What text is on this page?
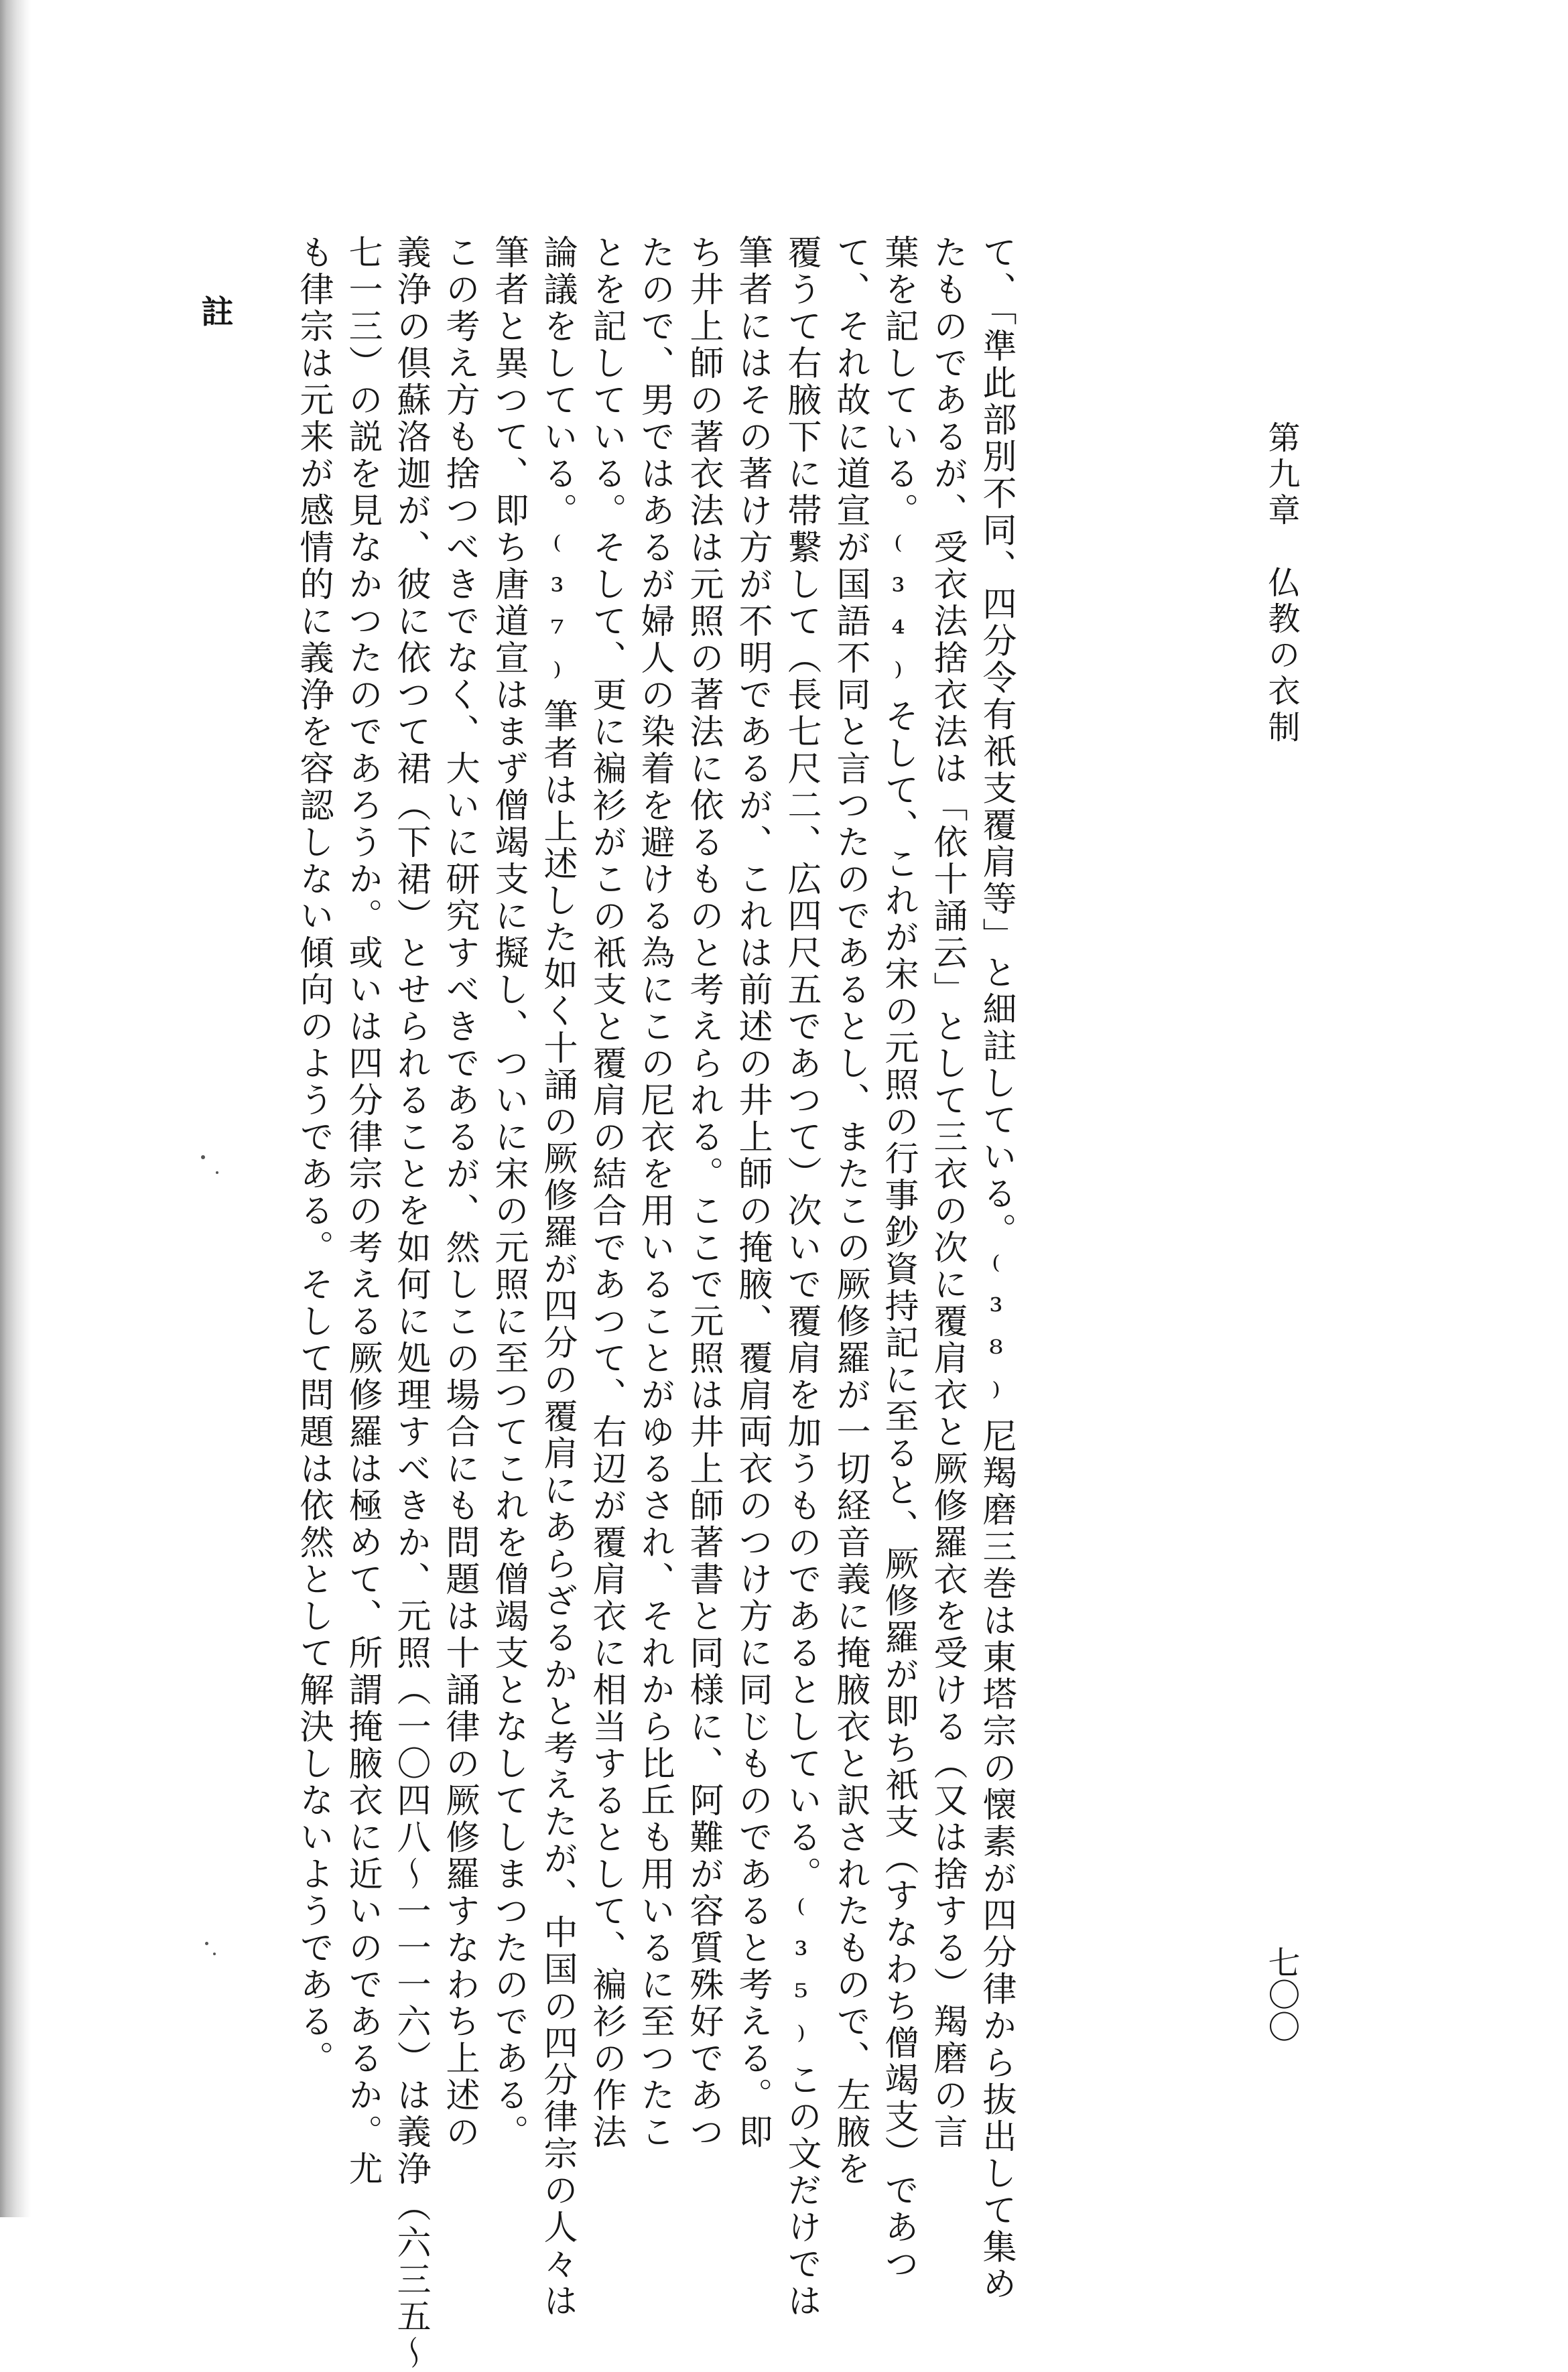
第九章　仏教の衣制
七〇〇
て、「準此部別不同、四分令有衹支覆肩等」と細註している。⁽³⁸⁾尼羯磨三巻は東塔宗の懐素が四分律から抜出して集め
たものであるが、受衣法捨衣法は「依十誦云」として三衣の次に覆肩衣と厥修羅衣を受ける（又は捨する）羯磨の言
葉を記している。⁽³⁴⁾そして、これが宋の元照の行事鈔資持記に至ると、厥修羅が即ち衹支（すなわち僧竭支）であつ
て、それ故に道宣が国語不同と言つたのであるとし、またこの厥修羅が一切経音義に掩腋衣と訳されたもので、左腋を
覆うて右腋下に帯繋して（長七尺二、広四尺五であつて）次いで覆肩を加うものであるとしている。⁽³⁵⁾この文だけでは
筆者にはその著け方が不明であるが、これは前述の井上師の掩腋、覆肩両衣のつけ方に同じものであると考える。即
ち井上師の著衣法は元照の著法に依るものと考えられる。ここで元照は井上師著書と同様に、阿難が容質殊好であつ
たので、男ではあるが婦人の染着を避ける為にこの尼衣を用いることがゆるされ、それから比丘も用いるに至つたこ
とを記している。そして、更に褊衫がこの衹支と覆肩の結合であつて、右辺が覆肩衣に相当するとして、褊衫の作法
論議をしている。⁽³⁷⁾筆者は上述した如く十誦の厥修羅が四分の覆肩にあらざるかと考えたが、中国の四分律宗の人々は
筆者と異つて、即ち唐道宣はまず僧竭支に擬し、ついに宋の元照に至つてこれを僧竭支となしてしまつたのである。
この考え方も捨つべきでなく、大いに研究すべきであるが、然しこの場合にも問題は十誦律の厥修羅すなわち上述の
義浄の倶蘇洛迦が、彼に依つて裙（下裙）とせられることを如何に処理すべきか、元照（一〇四八〜一一一六）は義浄（六三五〜
七一三）の説を見なかつたのであろうか。或いは四分律宗の考える厥修羅は極めて、所謂掩腋衣に近いのであるか。尤
も律宗は元来が感情的に義浄を容認しない傾向のようである。そして問題は依然として解決しないようである。
註
